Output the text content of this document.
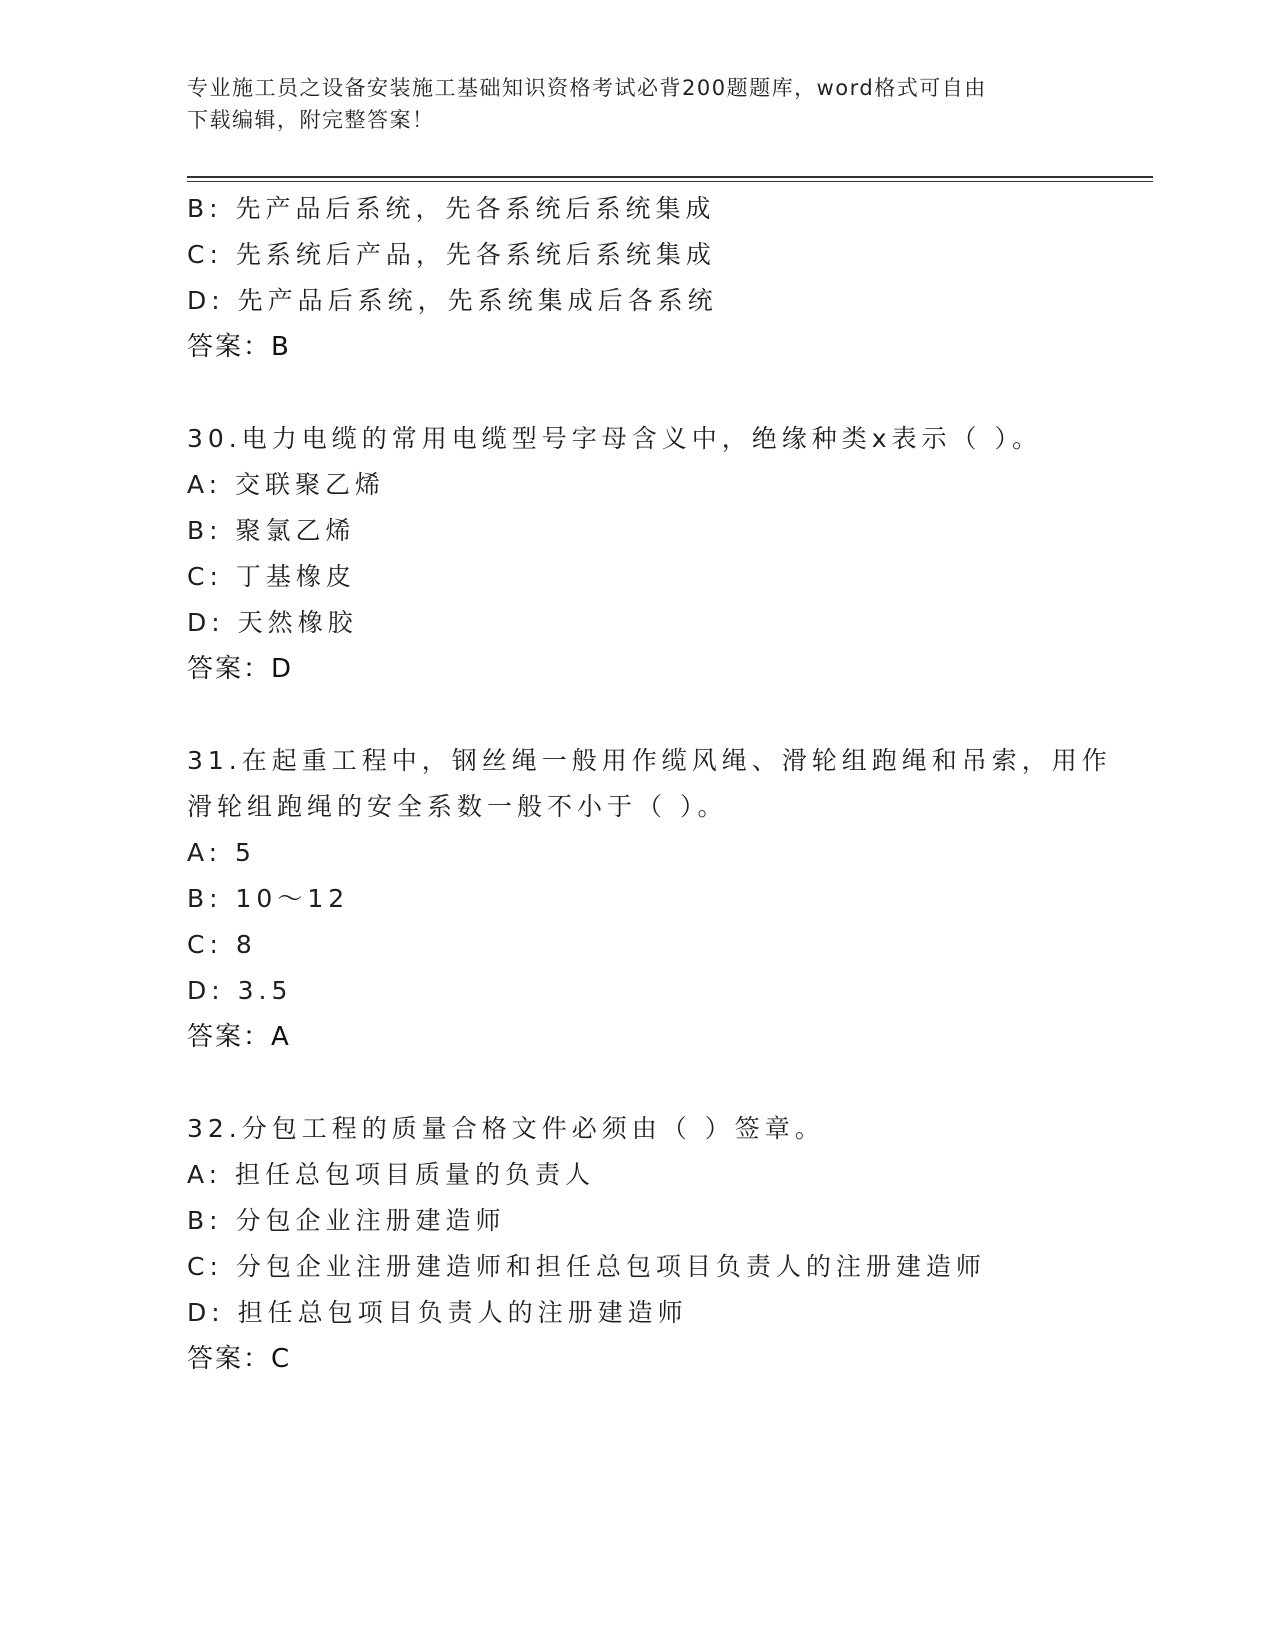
专业施工员之设备安装施工基础知识资格考试必背200题题库，word格式可自由
下载编辑，附完整答案！
B: 先产品后系统，先各系统后系统集成
C: 先系统后产品，先各系统后系统集成
D: 先产品后系统，先系统集成后各系统
答案：B
30.电力电缆的常用电缆型号字母含义中，绝缘种类x表示（ ）。
A: 交联聚乙烯
B: 聚氯乙烯
C: 丁基橡皮
D: 天然橡胶
答案：D
31.在起重工程中，钢丝绳一般用作缆风绳、滑轮组跑绳和吊索，用作
滑轮组跑绳的安全系数一般不小于（ ）。
A: 5
B: 10～12
C: 8
D: 3.5
答案：A
32.分包工程的质量合格文件必须由（ ）签章。
A: 担任总包项目质量的负责人
B: 分包企业注册建造师
C: 分包企业注册建造师和担任总包项目负责人的注册建造师
D: 担任总包项目负责人的注册建造师
答案：C
